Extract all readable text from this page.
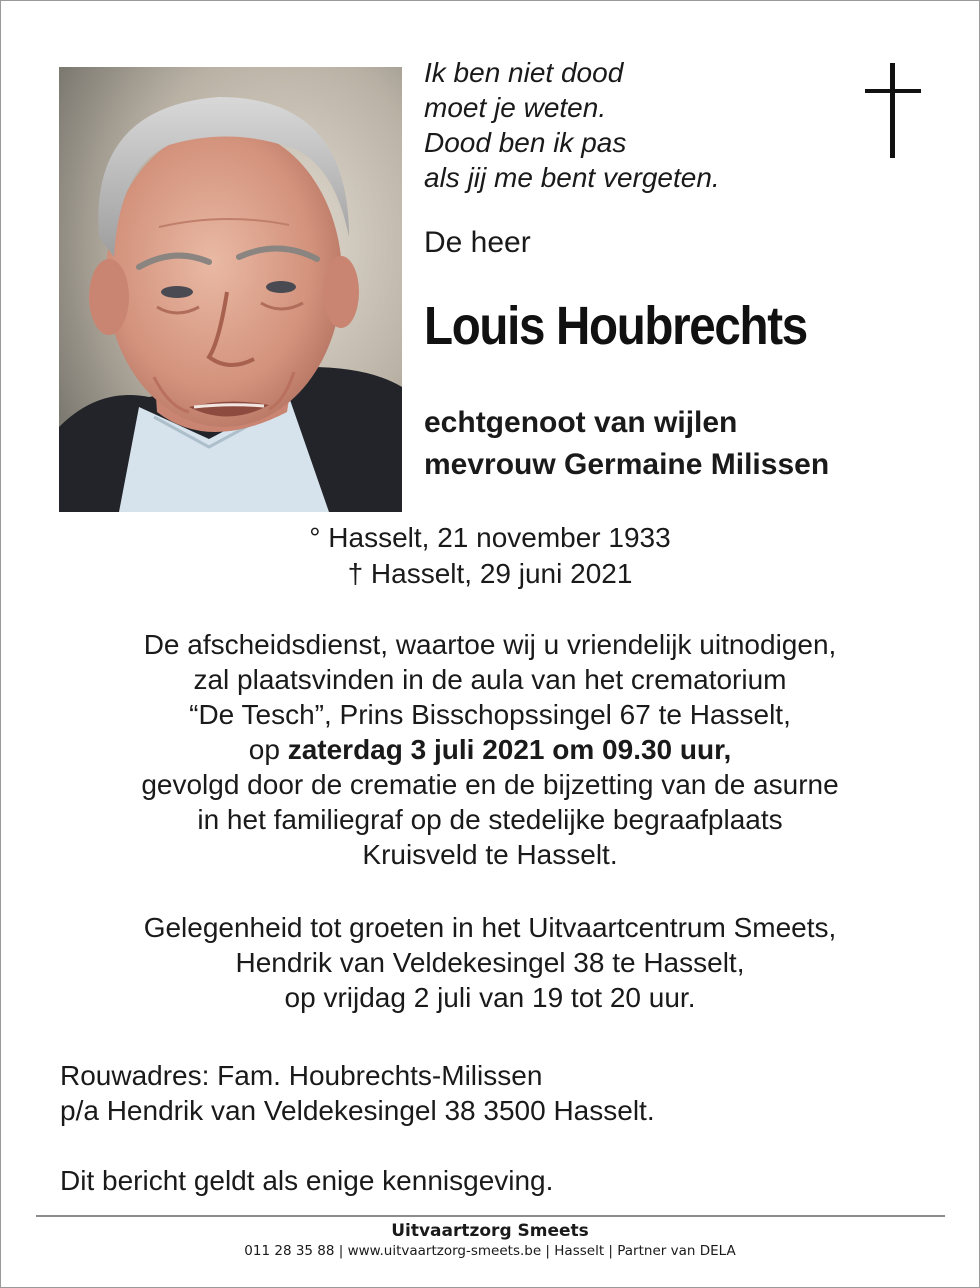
Ik ben niet dood
moet je weten.
Dood ben ik pas
als jij me bent vergeten.
De heer
Louis Houbrechts
echtgenoot van wijlen
mevrouw Germaine Milissen
° Hasselt, 21 november 1933
† Hasselt, 29 juni 2021
De afscheidsdienst, waartoe wij u vriendelijk uitnodigen,
zal plaatsvinden in de aula van het crematorium
“De Tesch”, Prins Bisschopssingel 67 te Hasselt,
op zaterdag 3 juli 2021 om 09.30 uur,
gevolgd door de crematie en de bijzetting van de asurne
in het familiegraf op de stedelijke begraafplaats
Kruisveld te Hasselt.
Gelegenheid tot groeten in het Uitvaartcentrum Smeets,
Hendrik van Veldekesingel 38 te Hasselt,
op vrijdag 2 juli van 19 tot 20 uur.
Rouwadres: Fam. Houbrechts-Milissen
p/a Hendrik van Veldekesingel 38 3500 Hasselt.
Dit bericht geldt als enige kennisgeving.
Uitvaartzorg Smeets
011 28 35 88 | www.uitvaartzorg-smeets.be | Hasselt | Partner van DELA
